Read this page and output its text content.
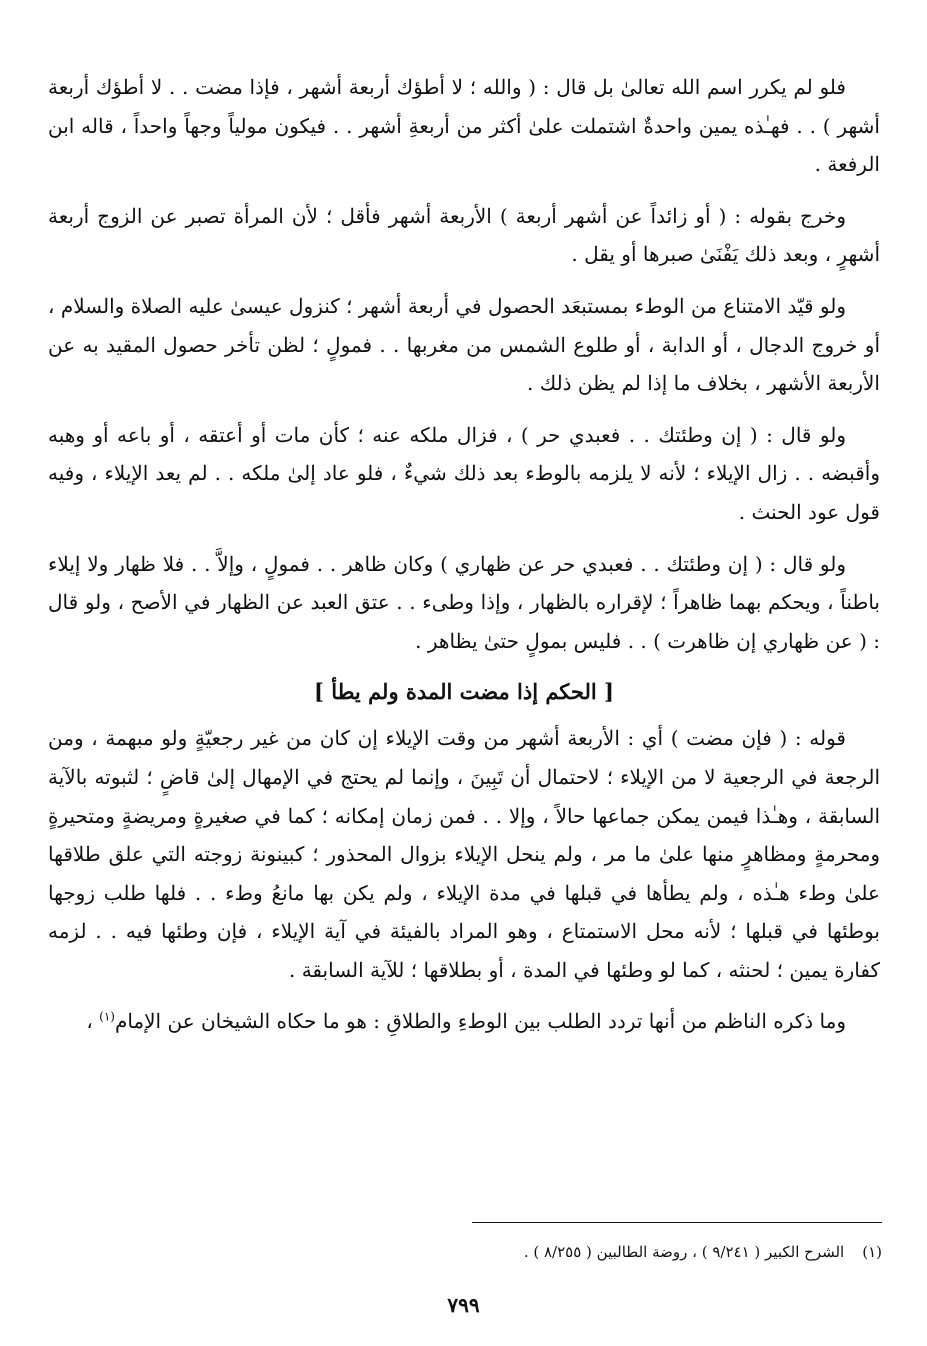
فلو لم يكرر اسم الله تعالىٰ بل قال : ( والله ؛ لا أطؤك أربعة أشهر ، فإذا مضت . . لا أطؤك أربعة أشهر ) . . فهـٰذه يمين واحدةٌ اشتملت علىٰ أكثر من أربعةِ أشهر . . فيكون مولياً وجهاً واحداً ، قاله ابن الرفعة .

وخرج بقوله : ( أو زائداً عن أشهر أربعة ) الأربعة أشهر فأقل ؛ لأن المرأة تصبر عن الزوج أربعة أشهرٍ ، وبعد ذلك يَفْنَىٰ صبرها أو يقل .

ولو قيّد الامتناع من الوطء بمستبعَد الحصول في أربعة أشهر ؛ كنزول عيسىٰ عليه الصلاة والسلام ، أو خروج الدجال ، أو الدابة ، أو طلوع الشمس من مغربها . . فمولٍ ؛ لظن تأخر حصول المقيد به عن الأربعة الأشهر ، بخلاف ما إذا لم يظن ذلك .

ولو قال : ( إن وطئتك . . فعبدي حر ) ، فزال ملكه عنه ؛ كأن مات أو أعتقه ، أو باعه أو وهبه وأقبضه . . زال الإيلاء ؛ لأنه لا يلزمه بالوطء بعد ذلك شيءٌ ، فلو عاد إلىٰ ملكه . . لم يعد الإيلاء ، وفيه قول عود الحنث .

ولو قال : ( إن وطئتك . . فعبدي حر عن ظهاري ) وكان ظاهر . . فمولٍ ، وإلاَّ . . فلا ظهار ولا إيلاء باطناً ، ويحكم بهما ظاهراً ؛ لإقراره بالظهار ، وإذا وطىء . . عتق العبد عن الظهار في الأصح ، ولو قال : ( عن ظهاري إن ظاهرت ) . . فليس بمولٍ حتىٰ يظاهر .

[ الحكم إذا مضت المدة ولم يطأ ]

قوله : ( فإن مضت ) أي : الأربعة أشهر من وقت الإيلاء إن كان من غير رجعيّةٍ ولو مبهمة ، ومن الرجعة في الرجعية لا من الإيلاء ؛ لاحتمال أن تَبِينَ ، وإنما لم يحتج في الإمهال إلىٰ قاضٍ ؛ لثبوته بالآية السابقة ، وهـٰذا فيمن يمكن جماعها حالاً ، وإلا . . فمن زمان إمكانه ؛ كما في صغيرةٍ ومريضةٍ ومتحيرةٍ ومحرمةٍ ومظاهرٍ منها علىٰ ما مر ، ولم ينحل الإيلاء بزوال المحذور ؛ كبينونة زوجته التي علق طلاقها علىٰ وطء هـٰذه ، ولم يطأها في قبلها في مدة الإيلاء ، ولم يكن بها مانعُ وطء . . فلها طلب زوجها بوطئها في قبلها ؛ لأنه محل الاستمتاع ، وهو المراد بالفيئة في آية الإيلاء ، فإن وطئها فيه . . لزمه كفارة يمين ؛ لحنثه ، كما لو وطئها في المدة ، أو بطلاقها ؛ للآية السابقة .

وما ذكره الناظم من أنها تردد الطلب بين الوطءِ والطلاقِ : هو ما حكاه الشيخان عن الإمام$^{(١)}$ ،

(١)الشرح الكبير ( ٩/٢٤١ ) ، روضة الطالبين ( ٨/٢٥٥ ) .
٧٩٩
